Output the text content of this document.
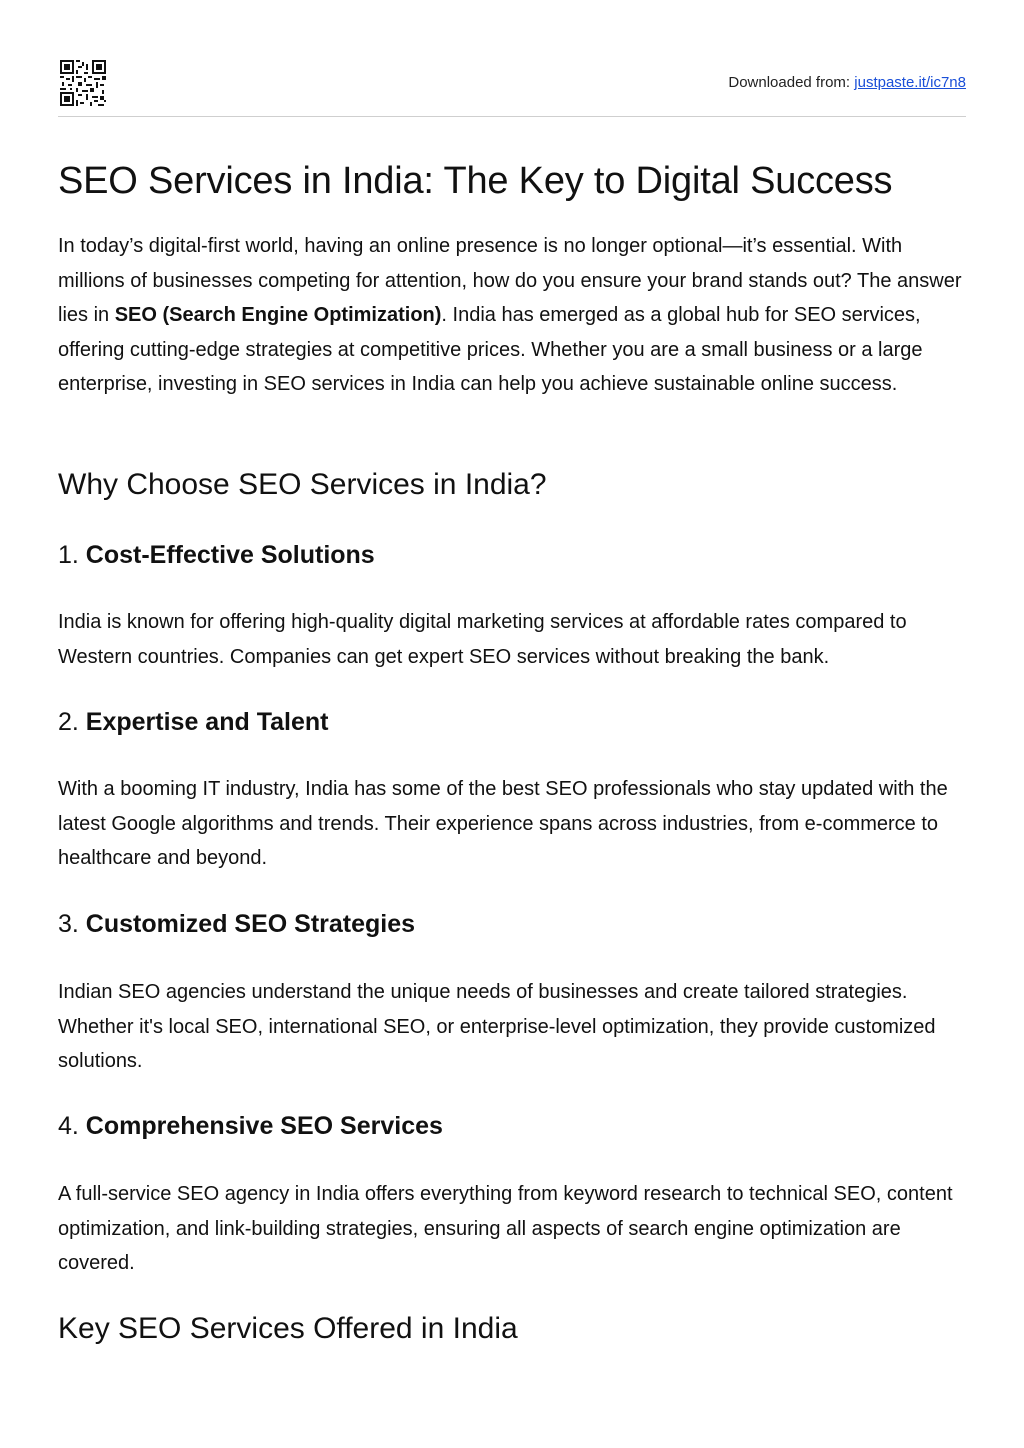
Downloaded from: justpaste.it/ic7n8
SEO Services in India: The Key to Digital Success
In today’s digital-first world, having an online presence is no longer optional—it’s essential. With millions of businesses competing for attention, how do you ensure your brand stands out? The answer lies in SEO (Search Engine Optimization). India has emerged as a global hub for SEO services, offering cutting-edge strategies at competitive prices. Whether you are a small business or a large enterprise, investing in SEO services in India can help you achieve sustainable online success.
Why Choose SEO Services in India?
1. Cost-Effective Solutions
India is known for offering high-quality digital marketing services at affordable rates compared to Western countries. Companies can get expert SEO services without breaking the bank.
2. Expertise and Talent
With a booming IT industry, India has some of the best SEO professionals who stay updated with the latest Google algorithms and trends. Their experience spans across industries, from e-commerce to healthcare and beyond.
3. Customized SEO Strategies
Indian SEO agencies understand the unique needs of businesses and create tailored strategies. Whether it's local SEO, international SEO, or enterprise-level optimization, they provide customized solutions.
4. Comprehensive SEO Services
A full-service SEO agency in India offers everything from keyword research to technical SEO, content optimization, and link-building strategies, ensuring all aspects of search engine optimization are covered.
Key SEO Services Offered in India
